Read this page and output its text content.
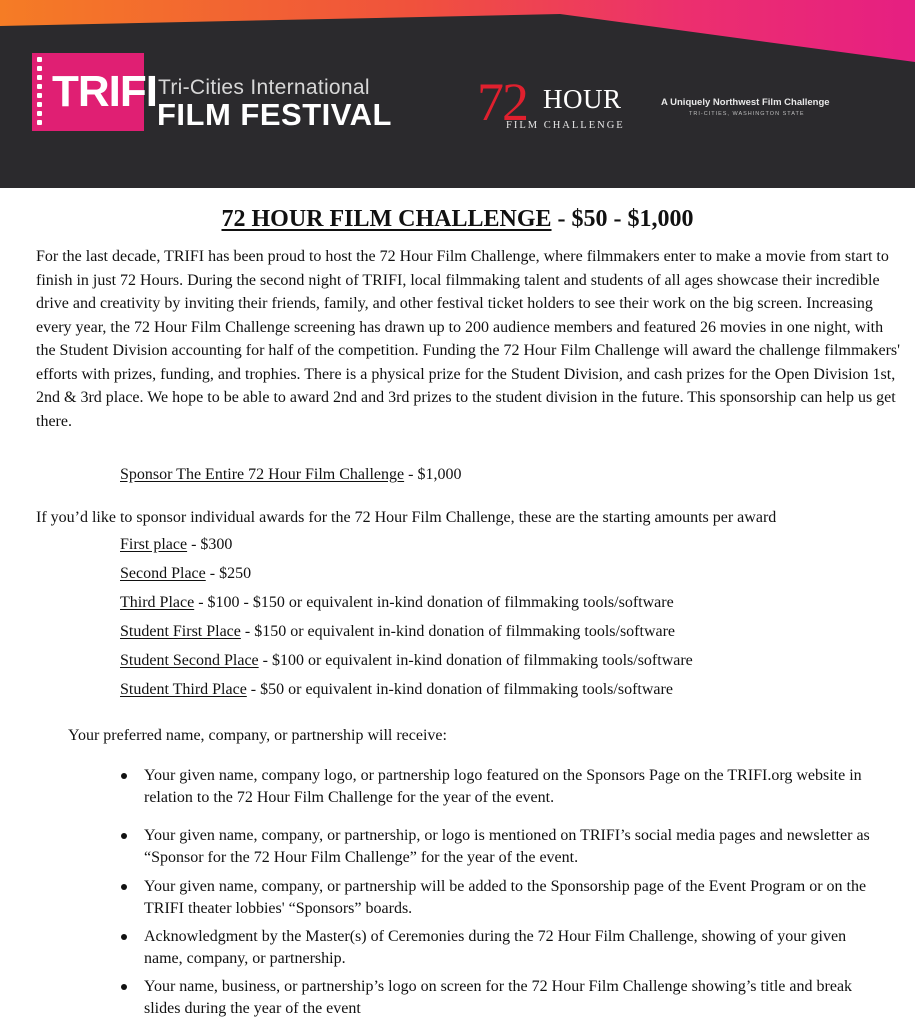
TRIFI Tri-Cities International
FILM FESTIVAL 72 HOUR
FILM CHALLENGE
A Uniquely Northwest Film Challenge
TRI-CITIES, WASHINGTON STATE
72 HOUR FILM CHALLENGE - $50 - $1,000

For the last decade, TRIFI has been proud to host the 72 Hour Film Challenge, where filmmakers enter to make a movie from start to finish in just 72 Hours. During the second night of TRIFI, local filmmaking talent and students of all ages showcase their incredible drive and creativity by inviting their friends, family, and other festival ticket holders to see their work on the big screen. Increasing every year, the 72 Hour Film Challenge screening has drawn up to 200 audience members and featured 26 movies in one night, with the Student Division accounting for half of the competition. Funding the 72 Hour Film Challenge will award the challenge filmmakers' efforts with prizes, funding, and trophies. There is a physical prize for the Student Division, and cash prizes for the Open Division 1st, 2nd & 3rd place. We hope to be able to award 2nd and 3rd prizes to the student division in the future. This sponsorship can help us get there.

Sponsor The Entire 72 Hour Film Challenge - $1,000
If you’d like to sponsor individual awards for the 72 Hour Film Challenge, these are the starting amounts per award
First place - $300
Second Place - $250
Third Place - $100 - $150 or equivalent in-kind donation of filmmaking tools/software
Student First Place - $150 or equivalent in-kind donation of filmmaking tools/software
Student Second Place - $100 or equivalent in-kind donation of filmmaking tools/software
Student Third Place - $50 or equivalent in-kind donation of filmmaking tools/software
Your preferred name, company, or partnership will receive:
Your given name, company logo, or partnership logo featured on the Sponsors Page on the TRIFI.org website in relation to the 72 Hour Film Challenge for the year of the event.
Your given name, company, or partnership, or logo is mentioned on TRIFI’s social media pages and newsletter as “Sponsor for the 72 Hour Film Challenge” for the year of the event.
Your given name, company, or partnership will be added to the Sponsorship page of the Event Program or on the TRIFI theater lobbies' “Sponsors” boards.
Acknowledgment by the Master(s) of Ceremonies during the 72 Hour Film Challenge, showing of your given name, company, or partnership.
Your name, business, or partnership’s logo on screen for the 72 Hour Film Challenge showing’s title and break slides during the year of the event
